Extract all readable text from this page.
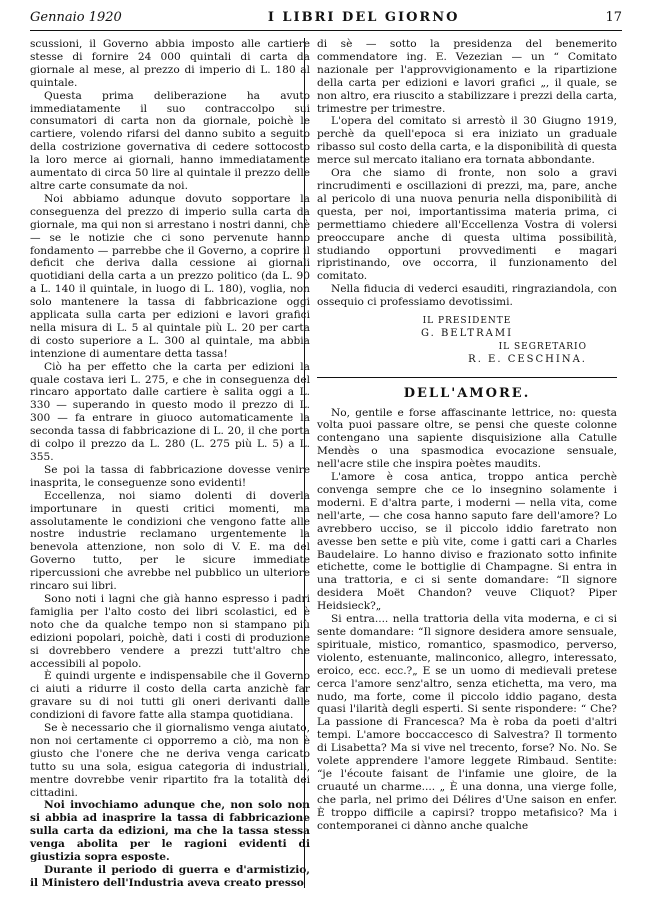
Gennaio 1920	I LIBRI DEL GIORNO	17

scussioni, il Governo abbia imposto alle cartiere stesse di fornire 24 000 quintali di carta da giornale al mese, al prezzo di imperio di L. 180 al quintale.

Questa prima deliberazione ha avuto immediatamente il suo contraccolpo sui consumatori di carta non da giornale, poichè le cartiere, volendo rifarsi del danno subito a seguito della costrizione governativa di cedere sottocosto la loro merce ai giornali, hanno immediatamente aumentato di circa 50 lire al quintale il prezzo delle altre carte consumate da noi.

Noi abbiamo adunque dovuto sopportare la conseguenza del prezzo di imperio sulla carta da giornale, ma qui non si arrestano i nostri danni, chè — se le notizie che ci sono pervenute hanno fondamento — parrebbe che il Governo, a coprire il deficit che deriva dalla cessione ai giornali quotidiani della carta a un prezzo politico (da L. 90 a L. 140 il quintale, in luogo di L. 180), voglia, non solo mantenere la tassa di fabbricazione oggi applicata sulla carta per edizioni e lavori grafici nella misura di L. 5 al quintale più L. 20 per carta di costo superiore a L. 300 al quintale, ma abbia intenzione di aumentare detta tassa!

Ciò ha per effetto che la carta per edizioni la quale costava ieri L. 275, e che in conseguenza del rincaro apportato dalle cartiere è salita oggi a L. 330 — superando in questo modo il prezzo di L. 300 — fa entrare in giuoco automaticamente la seconda tassa di fabbricazione di L. 20, il che porta di colpo il prezzo da L. 280 (L. 275 più L. 5) a L. 355.

Se poi la tassa di fabbricazione dovesse venire inasprita, le conseguenze sono evidenti!

Eccellenza, noi siamo dolenti di doverla importunare in questi critici momenti, ma assolutamente le condizioni che vengono fatte alle nostre industrie reclamano urgentemente la benevola attenzione, non solo di V. E. ma del Governo tutto, per le sicure immediate ripercussioni che avrebbe nel pubblico un ulteriore rincaro sui libri.

Sono noti i lagni che già hanno espresso i padri famiglia per l'alto costo dei libri scolastici, ed è noto che da qualche tempo non si stampano più edizioni popolari, poichè, dati i costi di produzione si dovrebbero vendere a prezzi tutt'altro che accessibili al popolo.

È quindi urgente e indispensabile che il Governo ci aiuti a ridurre il costo della carta anzichè far gravare su di noi tutti gli oneri derivanti dalle condizioni di favore fatte alla stampa quotidiana.

Se è necessario che il giornalismo venga aiutato, non noi certamente ci opporremo a ciò, ma non è giusto che l'onere che ne deriva venga caricato tutto su una sola, esigua categoria di industriali, mentre dovrebbe venir ripartito fra la totalità dei cittadini.

Noi invochiamo adunque che, non solo non si abbia ad inasprire la tassa di fabbricazione sulla carta da edizioni, ma che la tassa stessa venga abolita per le ragioni evidenti di giustizia sopra esposte.

Durante il periodo di guerra e d'armistizio, il Ministero dell'Industria aveva creato presso

di sè — sotto la presidenza del benemerito commendatore ing. E. Vezezian — un “ Comitato nazionale per l'approvvigionamento e la ripartizione della carta per edizioni e lavori grafici „, il quale, se non altro, era riuscito a stabilizzare i prezzi della carta, trimestre per trimestre.

L'opera del comitato si arrestò il 30 Giugno 1919, perchè da quell'epoca si era iniziato un graduale ribasso sul costo della carta, e la disponibilità di questa merce sul mercato italiano era tornata abbondante.

Ora che siamo di fronte, non solo a gravi rincrudimenti e oscillazioni di prezzi, ma, pare, anche al pericolo di una nuova penuria nella disponibilità di questa, per noi, importantissima materia prima, ci permettiamo chiedere all'Eccellenza Vostra di volersi preoccupare anche di questa ultima possibilità, studiando opportuni provvedimenti e magari ripristinando, ove occorra, il funzionamento del comitato.

Nella fiducia di vederci esauditi, ringraziandola, con ossequio ci professiamo devotissimi.

IL PRESIDENTE
G. BELTRAMI
IL SEGRETARIO
R. E. CESCHINA.
DELL'AMORE.

No, gentile e forse affascinante lettrice, no: questa volta puoi passare oltre, se pensi che queste colonne contengano una sapiente disquisizione alla Catulle Mendès o una spasmodica evocazione sensuale, nell'acre stile che inspira poètes maudits.

L'amore è cosa antica, troppo antica perchè convenga sempre che ce lo insegnino solamente i moderni. E d'altra parte, i moderni — nella vita, come nell'arte, — che cosa hanno saputo fare dell'amore? Lo avrebbero ucciso, se il piccolo iddio faretrato non avesse ben sette e più vite, come i gatti cari a Charles Baudelaire. Lo hanno diviso e frazionato sotto infinite etichette, come le bottiglie di Champagne. Si entra in una trattoria, e ci si sente domandare: “Il signore desidera Moët Chandon? veuve Cliquot? Piper Heidsieck?„

Si entra.... nella trattoria della vita moderna, e ci si sente domandare: “Il signore desidera amore sensuale, spirituale, mistico, romantico, spasmodico, perverso, violento, estenuante, malinconico, allegro, interessato, eroico, ecc. ecc.?„ E se un uomo di medievali pretese cerca l'amore senz'altro, senza etichetta, ma vero, ma nudo, ma forte, come il piccolo iddio pagano, desta quasi l'ilarità degli esperti. Si sente rispondere: “ Che? La passione di Francesca? Ma è roba da poeti d'altri tempi. L'amore boccaccesco di Salvestra? Il tormento di Lisabetta? Ma si vive nel trecento, forse? No. No. Se volete apprendere l'amore leggete Rimbaud. Sentite: “je l'écoute faisant de l'infamie une gloire, de la cruauté un charme.... „ È una donna, una vierge folle, che parla, nel primo dei Délires d'Une saison en enfer. È troppo difficile a capirsi? troppo metafisico? Ma i contemporanei ci dànno anche qualche
